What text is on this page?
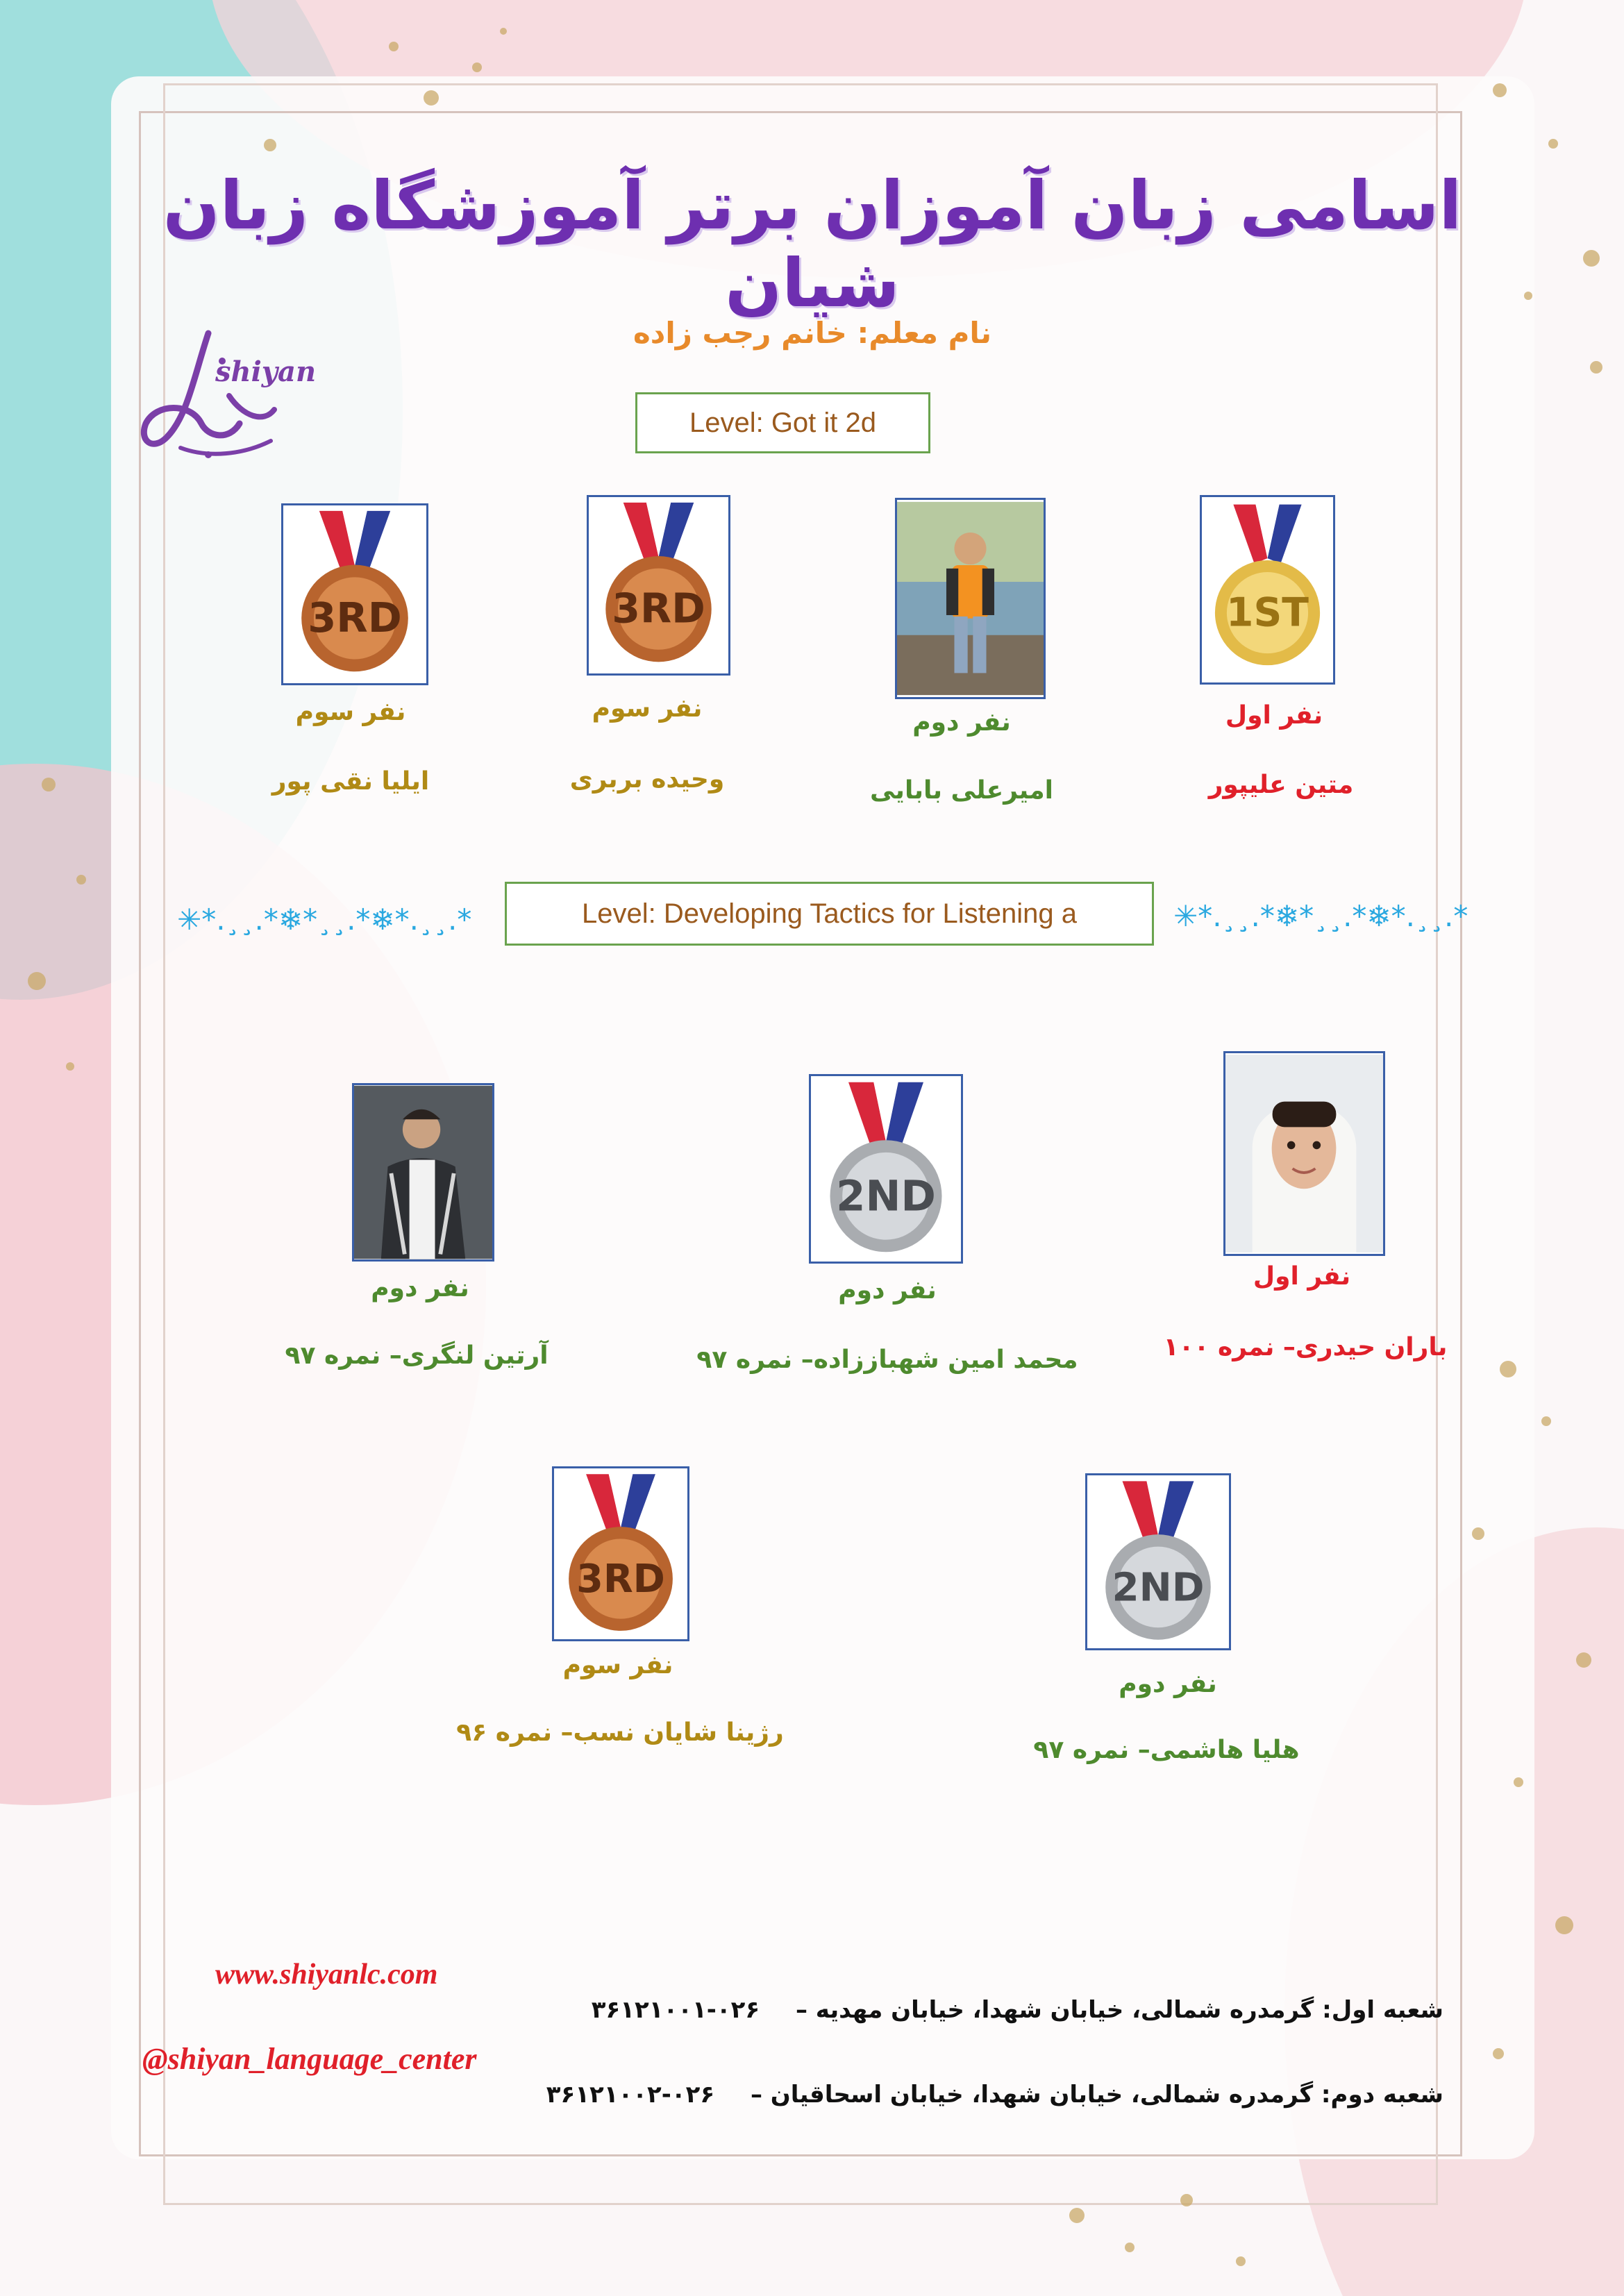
اسامی زبان آموزان برتر آموزشگاه زبان شیان
نام معلم: خانم رجب زاده
shiyan
Level: Got it 2d
1ST
3RD
3RD
نفر اول
متین علیپور
نفر دوم
امیرعلی بابایی
نفر سوم
وحیده بربری
نفر سوم
ایلیا نقی پور
✳*.¸¸.*❄*¸¸.*❄*.¸¸.*	Level: Developing Tactics for Listening a	✳*.¸¸.*❄*¸¸.*❄*.¸¸.*
2ND
نفر اول
باران حیدری– نمره ۱۰۰
نفر دوم
محمد امین شهباززاده– نمره ۹۷
نفر دوم
آرتین لنگری– نمره ۹۷
2ND
3RD
نفر دوم
هلیا هاشمی– نمره ۹۷
نفر سوم
رژینا شایان نسب– نمره ۹۶
www.shiyanlc.com
@shiyan_language_center
شعبه اول: گرمدره شمالی، خیابان شهدا، خیابان مهدیه – ۰۲۶-۳۶۱۲۱۰۰۱
شعبه دوم: گرمدره شمالی، خیابان شهدا، خیابان اسحاقیان – ۰۲۶-۳۶۱۲۱۰۰۲
